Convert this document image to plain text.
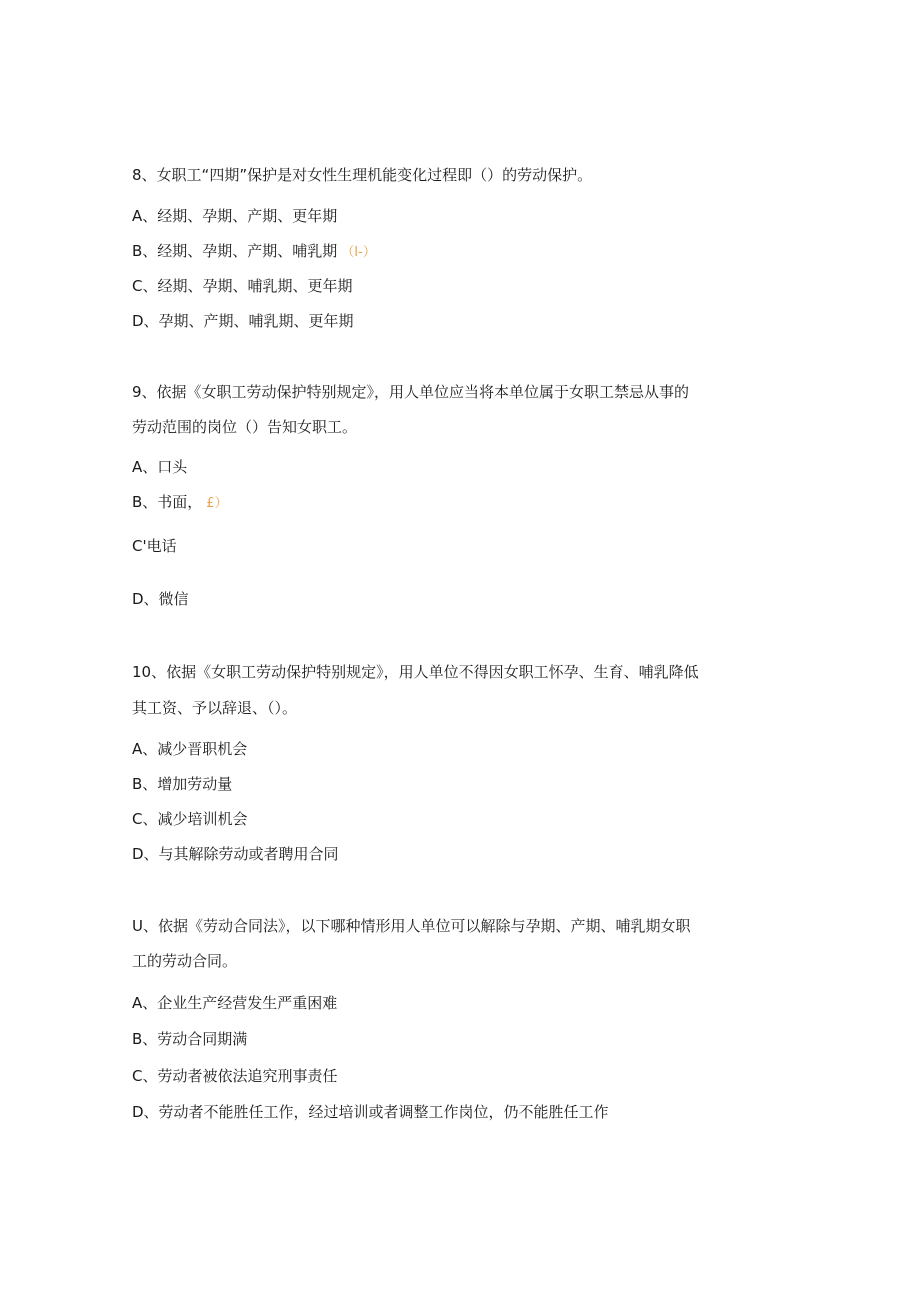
8、女职工“四期”保护是对女性生理机能变化过程即（）的劳动保护。
A、经期、孕期、产期、更年期
B、经期、孕期、产期、哺乳期 （I-）
C、经期、孕期、哺乳期、更年期
D、孕期、产期、哺乳期、更年期
9、依据《女职工劳动保护特别规定》，用人单位应当将本单位属于女职工禁忌从事的
劳动范围的岗位（）告知女职工。
A、口头
B、书面， £）
C'电话
D、微信
10、依据《女职工劳动保护特别规定》，用人单位不得因女职工怀孕、生育、哺乳降低
其工资、予以辞退、（）。
A、减少晋职机会
B、增加劳动量
C、减少培训机会
D、与其解除劳动或者聘用合同
U、依据《劳动合同法》，以下哪种情形用人单位可以解除与孕期、产期、哺乳期女职
工的劳动合同。
A、企业生产经营发生严重困难
B、劳动合同期满
C、劳动者被依法追究刑事责任
D、劳动者不能胜任工作，经过培训或者调整工作岗位，仍不能胜任工作
